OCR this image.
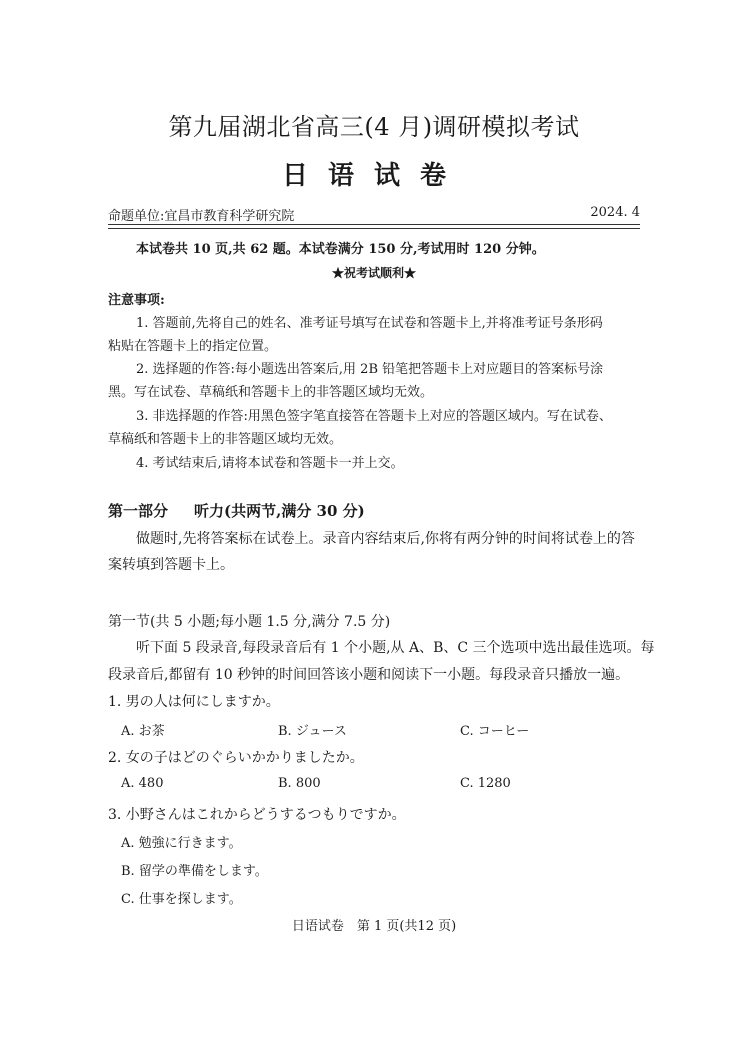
第九届湖北省高三(4 月)调研模拟考试
日语试卷
命题单位:宜昌市教育科学研究院	2024. 4
本试卷共 10 页,共 62 题。本试卷满分 150 分,考试用时 120 分钟。
★祝考试顺利★
注意事项:
1. 答题前,先将自己的姓名、准考证号填写在试卷和答题卡上,并将准考证号条形码
粘贴在答题卡上的指定位置。
2. 选择题的作答:每小题选出答案后,用 2B 铅笔把答题卡上对应题目的答案标号涂
黑。写在试卷、草稿纸和答题卡上的非答题区域均无效。
3. 非选择题的作答:用黑色签字笔直接答在答题卡上对应的答题区域内。写在试卷、
草稿纸和答题卡上的非答题区域均无效。
4. 考试结束后,请将本试卷和答题卡一并上交。
第一部分 听力(共两节,满分 30 分)
做题时,先将答案标在试卷上。录音内容结束后,你将有两分钟的时间将试卷上的答
案转填到答题卡上。
第一节(共 5 小题;每小题 1.5 分,满分 7.5 分)
听下面 5 段录音,每段录音后有 1 个小题,从 A、B、C 三个选项中选出最佳选项。每
段录音后,都留有 10 秒钟的时间回答该小题和阅读下一小题。每段录音只播放一遍。
1. 男の人は何にしますか。
A. お茶	B. ジュース	C. コーヒー
2. 女の子はどのぐらいかかりましたか。
A. 480	B. 800	C. 1280
3. 小野さんはこれからどうするつもりですか。
A. 勉強に行きます。
B. 留学の準備をします。
C. 仕事を探します。
日语试卷　第 1 页(共12 页)
